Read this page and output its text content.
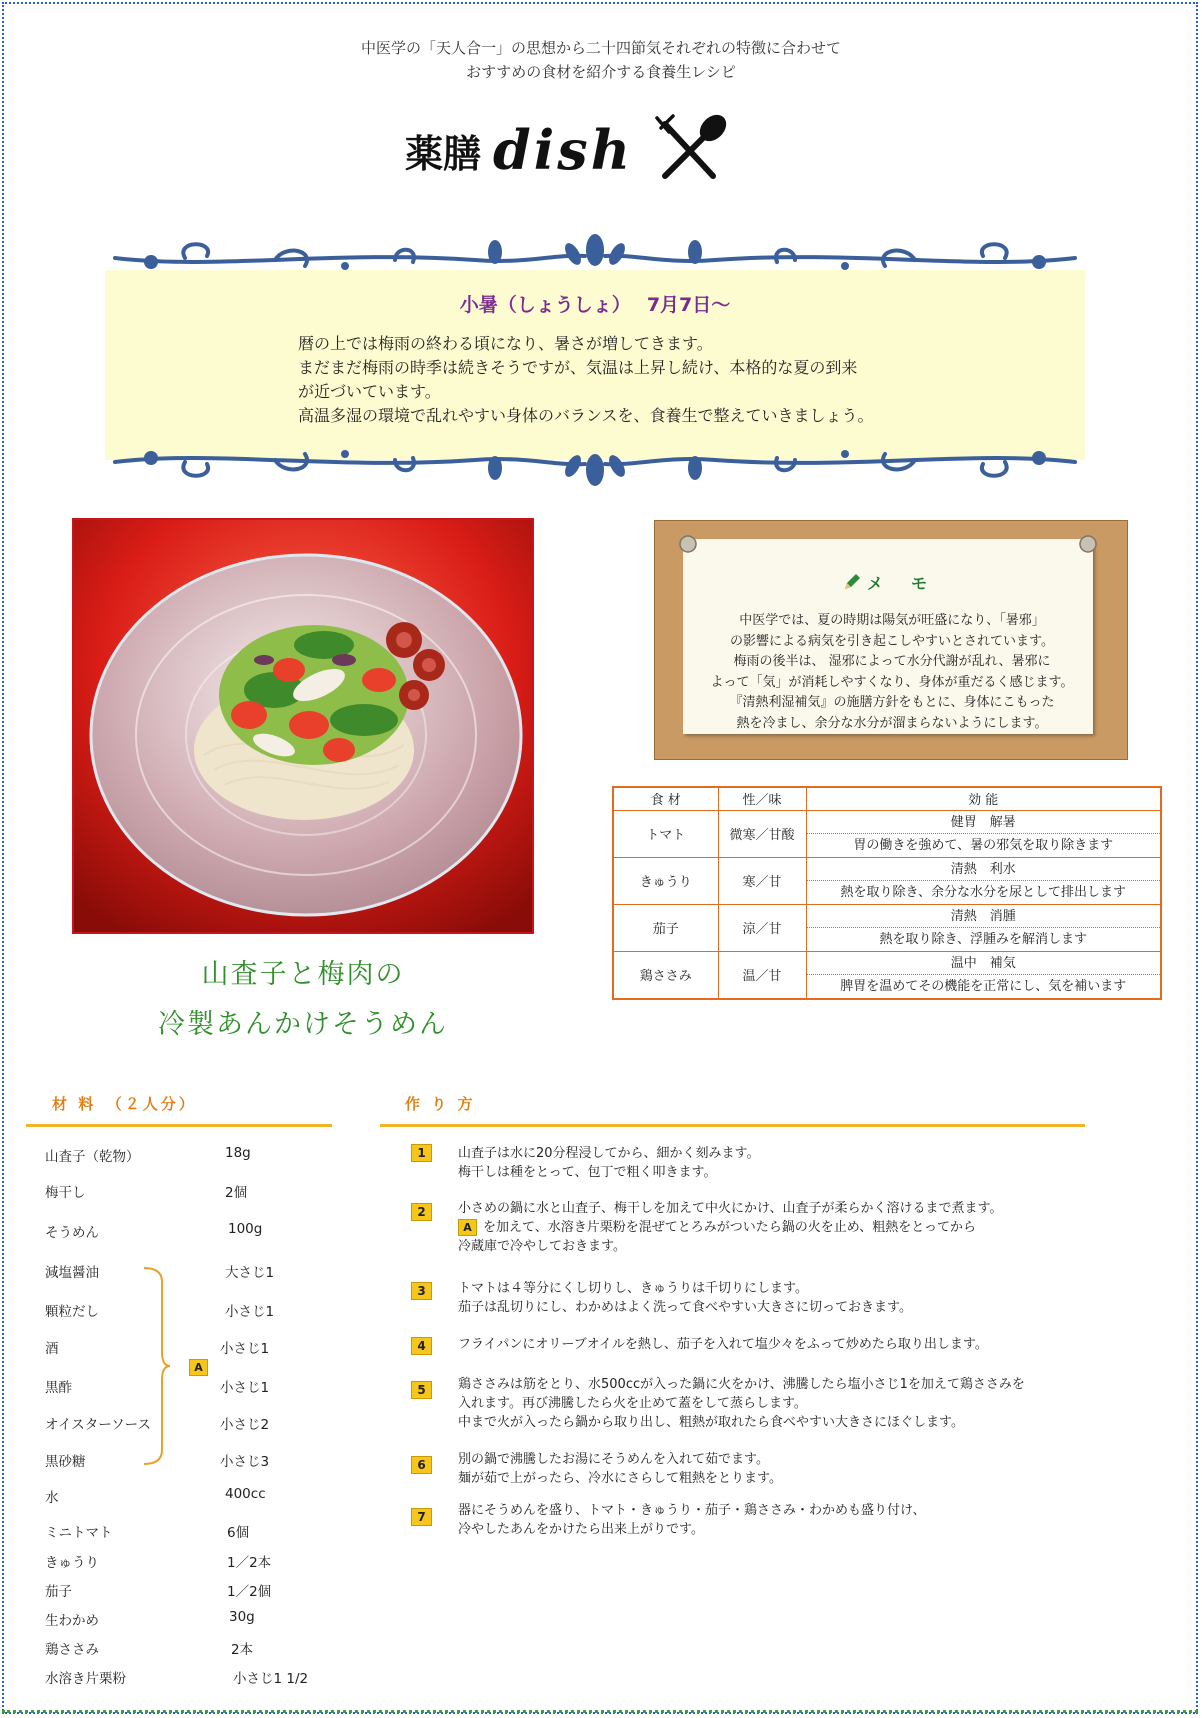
中医学の「天人合一」の思想から二十四節気それぞれの特徴に合わせて
おすすめの食材を紹介する食養生レシピ
薬膳 dish
小暑（しょうしょ）　 7月7日～
暦の上では梅雨の終わる頃になり、暑さが増してきます。
まだまだ梅雨の時季は続きそうですが、気温は上昇し続け、本格的な夏の到来
が近づいています。
高温多湿の環境で乱れやすい身体のバランスを、食養生で整えていきましょう。
メ　モ
中医学では、夏の時期は陽気が旺盛になり、「暑邪」
の影響による病気を引き起こしやすいとされています。
梅雨の後半は、 湿邪によって水分代謝が乱れ、暑邪に
よって「気」が消耗しやすくなり、身体が重だるく感じます。
『清熱利湿補気』の施膳方針をもとに、身体にこもった
熱を冷まし、余分な水分が溜まらないようにします。
食 材	性／味	効 能
トマト	微寒／甘酸	健胃　解暑
胃の働きを強めて、暑の邪気を取り除きます

きゅうり	寒／甘	清熱　利水
熱を取り除き、余分な水分を尿として排出します

茄子	涼／甘	清熱　消腫
熱を取り除き、浮腫みを解消します

鶏ささみ	温／甘	温中　補気
脾胃を温めてその機能を正常にし、気を補います
山査子と梅肉の
冷製あんかけそうめん
材 料　（２人分）
山査子（乾物）	18g
梅干し	2個
そうめん	100g
減塩醤油	大さじ1
顆粒だし	小さじ1
酒	小さじ1
黒酢	小さじ1
オイスターソース	小さじ2
黒砂糖	小さじ3
水	400cc
ミニトマト	6個
きゅうり	1／2本
茄子	1／2個
生わかめ	30g
鶏ささみ	2本
水溶き片栗粉	小さじ1 1/2
A
作 り 方
1	山査子は水に20分程浸してから、細かく刻みます。
梅干しは種をとって、包丁で粗く叩きます。
2	小さめの鍋に水と山査子、梅干しを加えて中火にかけ、山査子が柔らかく溶けるまで煮ます。
A を加えて、水溶き片栗粉を混ぜてとろみがついたら鍋の火を止め、粗熱をとってから
冷蔵庫で冷やしておきます。
3	トマトは４等分にくし切りし、きゅうりは千切りにします。
茄子は乱切りにし、わかめはよく洗って食べやすい大きさに切っておきます。
4	フライパンにオリーブオイルを熱し、茄子を入れて塩少々をふって炒めたら取り出します。
5	鶏ささみは筋をとり、水500ccが入った鍋に火をかけ、沸騰したら塩小さじ1を加えて鶏ささみを
入れます。再び沸騰したら火を止めて蓋をして蒸らします。
中まで火が入ったら鍋から取り出し、粗熱が取れたら食べやすい大きさにほぐします。
6	別の鍋で沸騰したお湯にそうめんを入れて茹でます。
麺が茹で上がったら、冷水にさらして粗熱をとります。
7	器にそうめんを盛り、トマト・きゅうり・茄子・鶏ささみ・わかめも盛り付け、
冷やしたあんをかけたら出来上がりです。
